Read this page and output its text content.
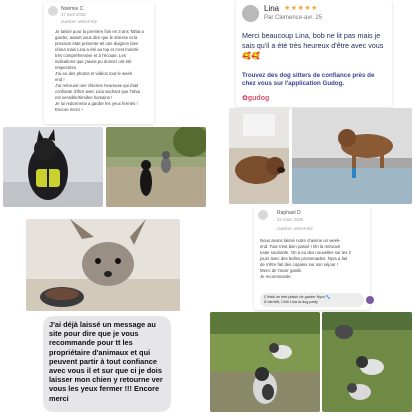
Noémie C.
27 avril 2025
GARDE VÉRIFIÉE
Je laissé pour la premère fois en 3 ans Tahia a
garder, autant vous dire que le stresse et la
pression était présente tel une doignon bien
rélout mais Lina a été au top et c'est montré
très compréhensive et à l'écoute. Les
indications que j'avais pu donner ont été
respectées.
J'ai eu des photos et vidéos tout le week
end !
J'ai retrouvé une chienne heureuse qui était
confiante d'être avec Lina sachant que Tahia
est sensible/timides humains !
Je lui redonnerai a garder les yeux fermés !
Encore merci !
Lina ★★★★★
Par Clemence-avr. 25
Merci beaucoup Lina, bob ne lit pas mais je sais qu'il a été très heureux d'être avec vous 🥰🥰
Trouvez des dog sitters de confiance près de chez vous sur l'application Gudog.
✿gudog
Raphael D.
23 mars 2025
GARDE VÉRIFIÉE
Nous avons laissé notre chienne un week-
end. Tout s'est bien passé ! On la retrouvé
toute souriante. On a eu des nouvelles sur les 2
jours avec des belles promenades. Nyra a fait
de s'être fait des copains sur son séjour !
Merci de l'avoir gardé.
Je recommande
C'était un réel plaisir de garder Nyra 🐾
À bientôt, Célit Lina la dog party
J'ai déjà laissé un message au site pour dire que je vous recommande pour tt les propriétaire d'animaux et qui peuvent partir à tout confiance avec vous il et sur que ci je dois laisser mon chien y retourne ver vous les yeux fermer !!! Encore merci
